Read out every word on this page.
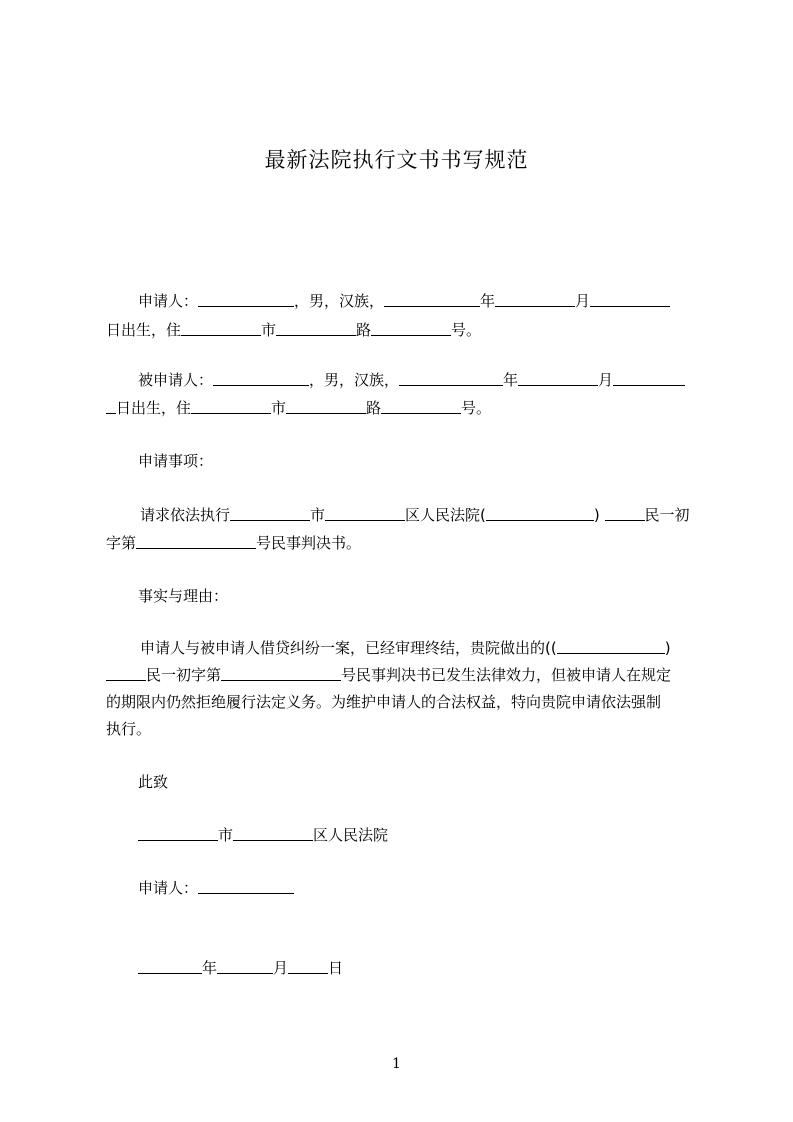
最新法院执行文书书写规范
申请人：	，男，汉族，	年	月
日出生，住	市	路	号。
被申请人：	，男，汉族，	年	月
日出生，住	市	路	号。
申请事项：
请求依法执行	市	区人民法院(	)	民一初
字第	号民事判决书。
事实与理由：
申请人与被申请人借贷纠纷一案，已经审理终结，贵院做出的((	)
民一初字第	号民事判决书已发生法律效力，但被申请人在规定
的期限内仍然拒绝履行法定义务。为维护申请人的合法权益，特向贵院申请依法强制
执行。
此致
市	区人民法院
申请人：
年	月	日
1
